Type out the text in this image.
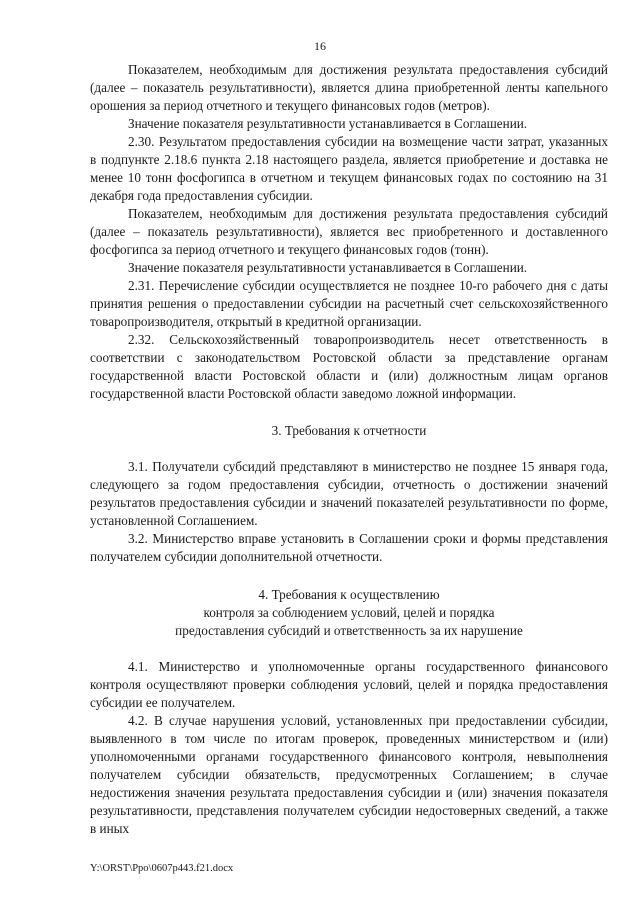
16

Показателем, необходимым для достижения результата предоставления субсидий (далее – показатель результативности), является длина приобретенной ленты капельного орошения за период отчетного и текущего финансовых годов (метров).

Значение показателя результативности устанавливается в Соглашении.

2.30. Результатом предоставления субсидии на возмещение части затрат, указанных в подпункте 2.18.6 пункта 2.18 настоящего раздела, является приобретение и доставка не менее 10 тонн фосфогипса в отчетном и текущем финансовых годах по состоянию на 31 декабря года предоставления субсидии.

Показателем, необходимым для достижения результата предоставления субсидий (далее – показатель результативности), является вес приобретенного и доставленного фосфогипса за период отчетного и текущего финансовых годов (тонн).

Значение показателя результативности устанавливается в Соглашении.

2.31. Перечисление субсидии осуществляется не позднее 10-го рабочего дня с даты принятия решения о предоставлении субсидии на расчетный счет сельскохозяйственного товаропроизводителя, открытый в кредитной организации.

2.32. Сельскохозяйственный товаропроизводитель несет ответственность в соответствии с законодательством Ростовской области за представление органам государственной власти Ростовской области и (или) должностным лицам органов государственной власти Ростовской области заведомо ложной информации.

3. Требования к отчетности

3.1. Получатели субсидий представляют в министерство не позднее 15 января года, следующего за годом предоставления субсидии, отчетность о достижении значений результатов предоставления субсидии и значений показателей результативности по форме, установленной Соглашением.

3.2. Министерство вправе установить в Соглашении сроки и формы представления получателем субсидии дополнительной отчетности.

4. Требования к осуществлению

контроля за соблюдением условий, целей и порядка

предоставления субсидий и ответственность за их нарушение

4.1. Министерство и уполномоченные органы государственного финансового контроля осуществляют проверки соблюдения условий, целей и порядка предоставления субсидии ее получателем.

4.2. В случае нарушения условий, установленных при предоставлении субсидии, выявленного в том числе по итогам проверок, проведенных министерством и (или) уполномоченными органами государственного финансового контроля, невыполнения получателем субсидии обязательств, предусмотренных Соглашением; в случае недостижения значения результата предоставления субсидии и (или) значения показателя результативности, представления получателем субсидии недостоверных сведений, а также в иных

Y:\ORST\Ppo\0607p443.f21.docx
